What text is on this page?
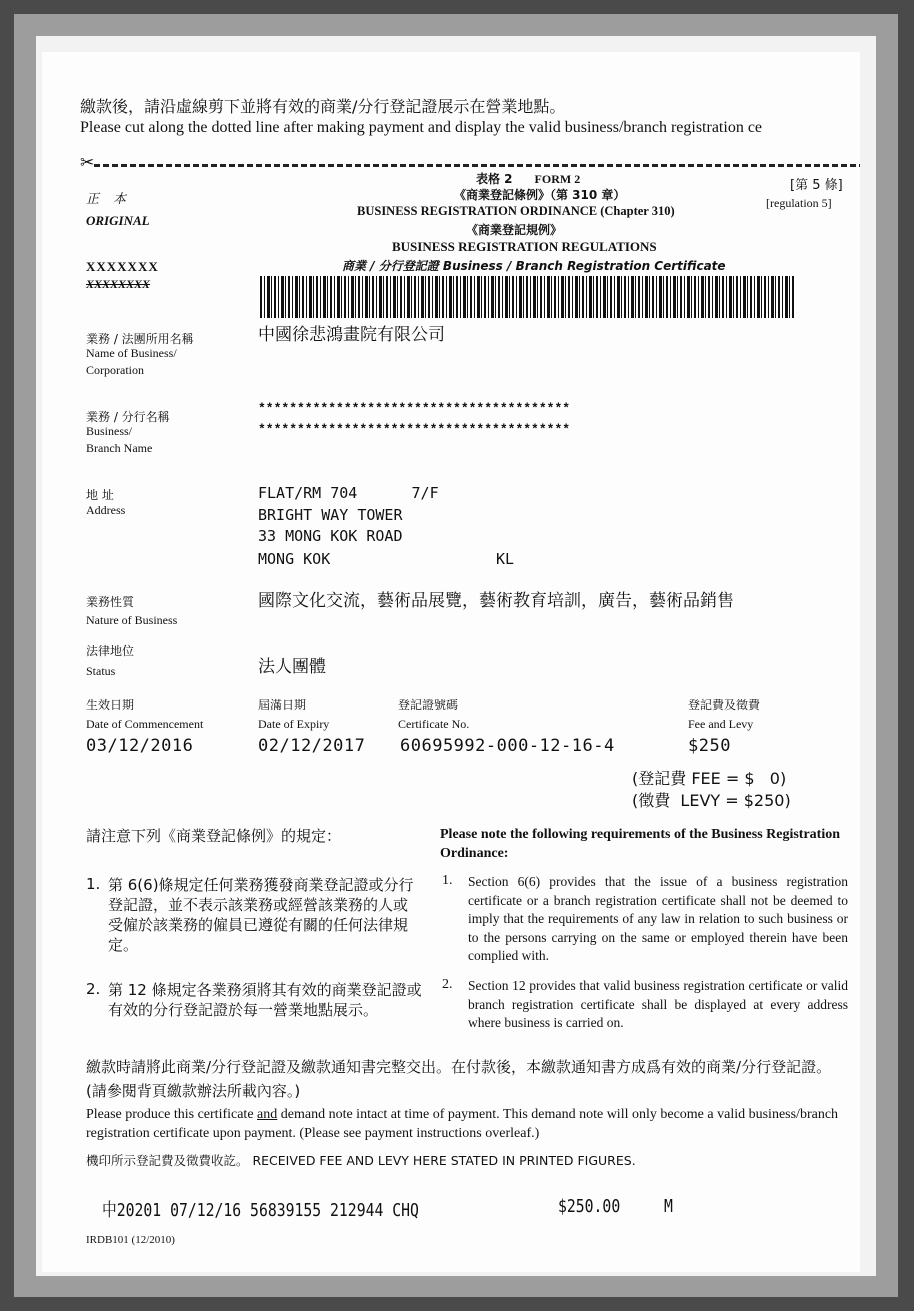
繳款後，請沿虛線剪下並將有效的商業/分行登記證展示在營業地點。
Please cut along the dotted line after making payment and display the valid business/branch registration ce
✂
正本
ORIGINAL
表格 2 FORM 2
《商業登記條例》（第 310 章）
BUSINESS REGISTRATION ORDINANCE (Chapter 310)
《商業登記規例》
BUSINESS REGISTRATION REGULATIONS
商業 / 分行登記證 Business / Branch Registration Certificate
[第 5 條]
[regulation 5]
XXXXXXX
XXXXXXXX
業務 / 法團所用名稱
Name of Business/
Corporation
中國徐悲鴻畫院有限公司
業務 / 分行名稱
Business/
Branch Name
****************************************
****************************************
地 址
Address
FLAT/RM 704      7/F
BRIGHT WAY TOWER
33 MONG KOK ROAD
MONG KOK	KL
業務性質
Nature of Business
國際文化交流，藝術品展覽，藝術教育培訓，廣告，藝術品銷售
法律地位
Status	法人團體
生效日期
Date of Commencement
03/12/2016
屆滿日期
Date of Expiry
02/12/2017
登記證號碼
Certificate No.
60695992-000-12-16-4
登記費及徵費
Fee and Levy
$250
(登記費 FEE = $   0)
(徵費  LEVY = $250)
請注意下列《商業登記條例》的規定：	Please note the following requirements of the Business Registration Ordinance:
1. 第 6(6)條規定任何業務獲發商業登記證或分行登記證，並不表示該業務或經營該業務的人或受僱於該業務的僱員已遵從有關的任何法律規定。
2. 第 12 條規定各業務須將其有效的商業登記證或有效的分行登記證於每一營業地點展示。
1. Section 6(6) provides that the issue of a business registration certificate or a branch registration certificate shall not be deemed to imply that the requirements of any law in relation to such business or to the persons carrying on the same or employed therein have been complied with.
2. Section 12 provides that valid business registration certificate or valid branch registration certificate shall be displayed at every address where business is carried on.
繳款時請將此商業/分行登記證及繳款通知書完整交出。在付款後，本繳款通知書方成爲有效的商業/分行登記證。(請參閱背頁繳款辦法所載內容。)
Please produce this certificate and demand note intact at time of payment. This demand note will only become a valid business/branch registration certificate upon payment. (Please see payment instructions overleaf.)
機印所示登記費及徵費收訖。 RECEIVED FEE AND LEVY HERE STATED IN PRINTED FIGURES.
中20201 07/12/16 56839155 212944 CHQ	$250.00 M
IRDB101 (12/2010)
